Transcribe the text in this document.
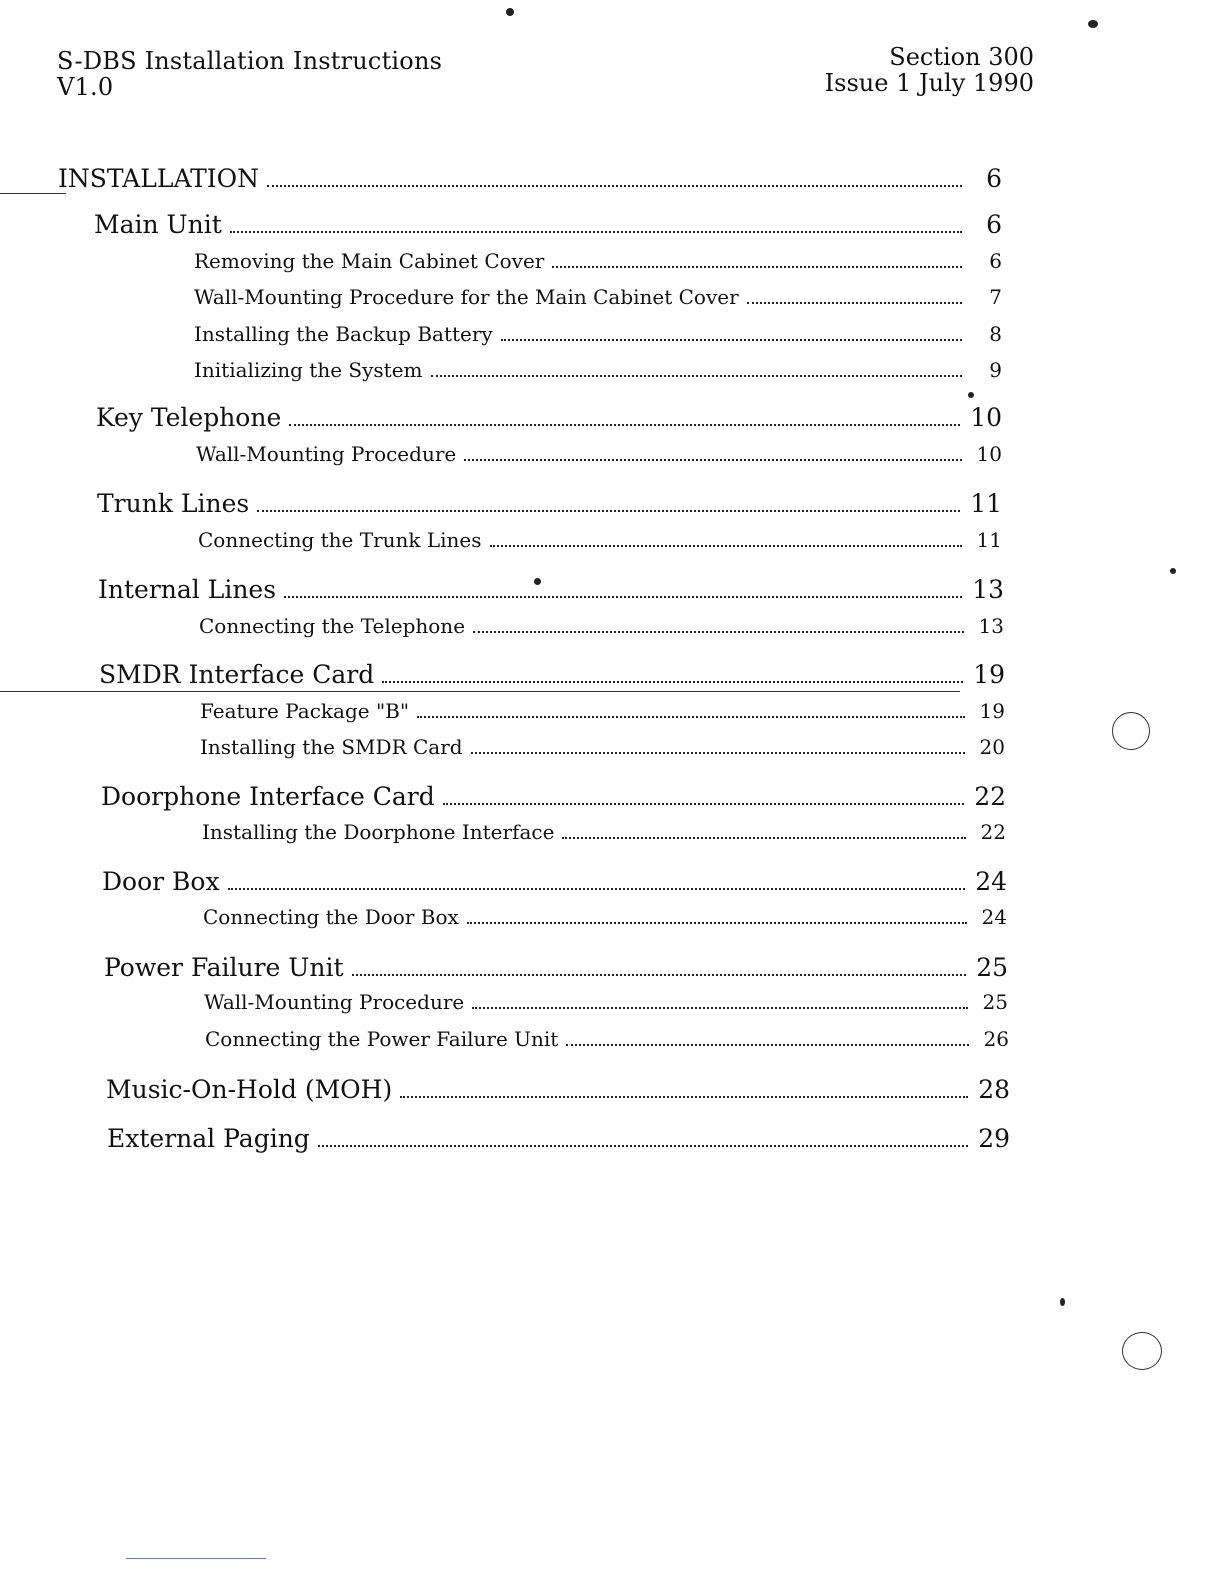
S-DBS Installation Instructions
V1.0
Section 300
Issue 1 July 1990
INSTALLATION	6
Main Unit	6
Removing the Main Cabinet Cover	6
Wall-Mounting Procedure for the Main Cabinet Cover	7
Installing the Backup Battery	8
Initializing the System	9
Key Telephone	10
Wall-Mounting Procedure	10
Trunk Lines	11
Connecting the Trunk Lines	11
Internal Lines	13
Connecting the Telephone	13
SMDR Interface Card	19
Feature Package "B"	19
Installing the SMDR Card	20
Doorphone Interface Card	22
Installing the Doorphone Interface	22
Door Box	24
Connecting the Door Box	24
Power Failure Unit	25
Wall-Mounting Procedure	25
Connecting the Power Failure Unit	26
Music-On-Hold (MOH)	28
External Paging	29
